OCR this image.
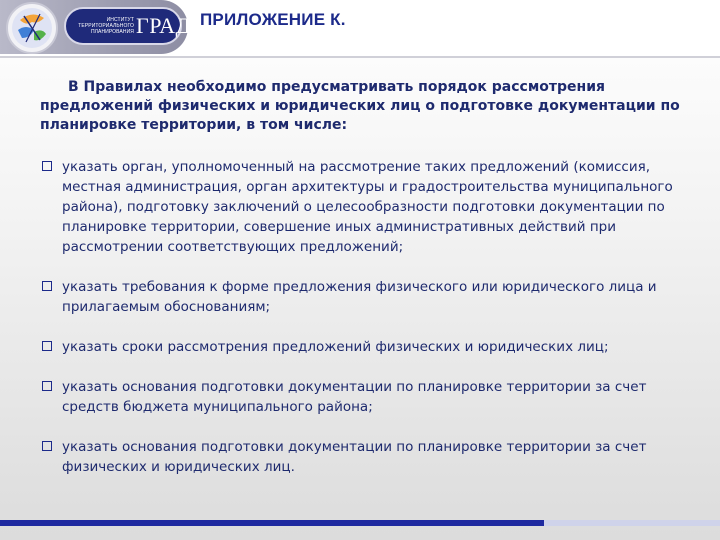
ИНСТИТУТ ТЕРРИТОРИАЛЬНОГО ПЛАНИРОВАНИЯ ГРАД ПРИЛОЖЕНИЕ К.

В Правилах необходимо предусматривать порядок рассмотрения предложений физических и юридических лиц о подготовке документации по планировке территории, в том числе:

указать орган, уполномоченный на рассмотрение таких предложений (комиссия, местная администрация, орган архитектуры и градостроительства муниципального района), подготовку заключений о целесообразности подготовки документации по планировке территории, совершение иных административных действий при рассмотрении соответствующих предложений;
указать требования к форме предложения физического или юридического лица и прилагаемым обоснованиям;
указать сроки рассмотрения предложений физических и юридических лиц;
указать основания подготовки документации по планировке территории за счет средств бюджета муниципального района;
указать основания подготовки документации по планировке территории за счет физических и юридических лиц.
